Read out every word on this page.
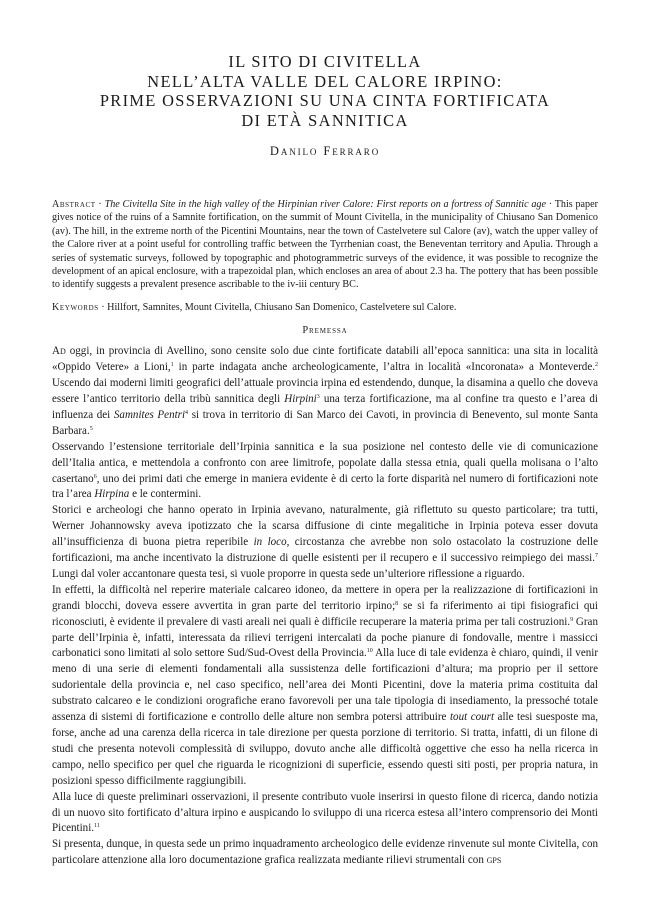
IL SITO DI CIVITELLA

NELL’ALTA VALLE DEL CALORE IRPINO:

PRIME OSSERVAZIONI SU UNA CINTA FORTIFICATA

DI ETÀ SANNITICA

Danilo Ferraro
Abstract · The Civitella Site in the high valley of the Hirpinian river Calore: First reports on a fortress of Sannitic age · This paper gives notice of the ruins of a Samnite fortification, on the summit of Mount Civitella, in the municipality of Chiusano San Domenico (av). The hill, in the extreme north of the Picentini Mountains, near the town of Castelvetere sul Calore (av), watch the upper valley of the Calore river at a point useful for controlling traffic between the Tyrrhenian coast, the Beneventan territory and Apulia. Through a series of systematic surveys, followed by topographic and photogrammetric surveys of the evidence, it was possible to recognize the development of an apical enclosure, with a trapezoidal plan, which encloses an area of about 2.3 ha. The pottery that has been possible to identify suggests a prevalent presence ascribable to the iv-iii century BC.
Keywords · Hillfort, Samnites, Mount Civitella, Chiusano San Domenico, Castelvetere sul Calore.
Premessa

Ad oggi, in provincia di Avellino, sono censite solo due cinte fortificate databili all’epoca sannitica: una sita in località «Oppido Vetere» a Lioni,$^1$ in parte indagata anche archeologicamente, l’altra in località «Incoronata» a Monteverde.$^2$ Uscendo dai moderni limiti geografici dell’attuale provincia irpina ed estendendo, dunque, la disamina a quello che doveva essere l’antico territorio della tribù sannitica degli Hirpini$^3$ una terza fortificazione, ma al confine tra questo e l’area di influenza dei Samnites Pentri$^4$ si trova in territorio di San Marco dei Cavoti, in provincia di Benevento, sul monte Santa Barbara.$^5$

Osservando l’estensione territoriale dell’Irpinia sannitica e la sua posizione nel contesto delle vie di comunicazione dell’Italia antica, e mettendola a confronto con aree limitrofe, popolate dalla stessa etnia, quali quella molisana o l’alto casertano$^6$, uno dei primi dati che emerge in maniera evidente è di certo la forte disparità nel numero di fortificazioni note tra l’area Hirpina e le contermini.

Storici e archeologi che hanno operato in Irpinia avevano, naturalmente, già riflettuto su questo particolare; tra tutti, Werner Johannowsky aveva ipotizzato che la scarsa diffusione di cinte megalitiche in Irpinia poteva esser dovuta all’insufficienza di buona pietra reperibile in loco, circostanza che avrebbe non solo ostacolato la costruzione delle fortificazioni, ma anche incentivato la distruzione di quelle esistenti per il recupero e il successivo reimpiego dei massi.$^7$ Lungi dal voler accantonare questa tesi, si vuole proporre in questa sede un’ulteriore riflessione a riguardo.

In effetti, la difficoltà nel reperire materiale calcareo idoneo, da mettere in opera per la realizzazione di fortificazioni in grandi blocchi, doveva essere avvertita in gran parte del territorio irpino;$^8$ se si fa riferimento ai tipi fisiografici qui riconosciuti, è evidente il prevalere di vasti areali nei quali è difficile recuperare la materia prima per tali costruzioni.$^9$ Gran parte dell’Irpinia è, infatti, interessata da rilievi terrigeni intercalati da poche pianure di fondovalle, mentre i massicci carbonatici sono limitati al solo settore Sud/Sud-Ovest della Provincia.$^{10}$ Alla luce di tale evidenza è chiaro, quindi, il venir meno di una serie di elementi fondamentali alla sussistenza delle fortificazioni d’altura; ma proprio per il settore sudorientale della provincia e, nel caso specifico, nell’area dei Monti Picentini, dove la materia prima costituita dal substrato calcareo e le condizioni orografiche erano favorevoli per una tale tipologia di insediamento, la pressoché totale assenza di sistemi di fortificazione e controllo delle alture non sembra potersi attribuire tout court alle tesi suesposte ma, forse, anche ad una carenza della ricerca in tale direzione per questa porzione di territorio. Si tratta, infatti, di un filone di studi che presenta notevoli complessità di sviluppo, dovuto anche alle difficoltà oggettive che esso ha nella ricerca in campo, nello specifico per quel che riguarda le ricognizioni di superficie, essendo questi siti posti, per propria natura, in posizioni spesso difficilmente raggiungibili.

Alla luce di queste preliminari osservazioni, il presente contributo vuole inserirsi in questo filone di ricerca, dando notizia di un nuovo sito fortificato d’altura irpino e auspicando lo sviluppo di una ricerca estesa all’intero comprensorio dei Monti Picentini.$^{11}$

Si presenta, dunque, in questa sede un primo inquadramento archeologico delle evidenze rinvenute sul monte Civitella, con particolare attenzione alla loro documentazione grafica realizzata mediante rilievi strumentali con gps
